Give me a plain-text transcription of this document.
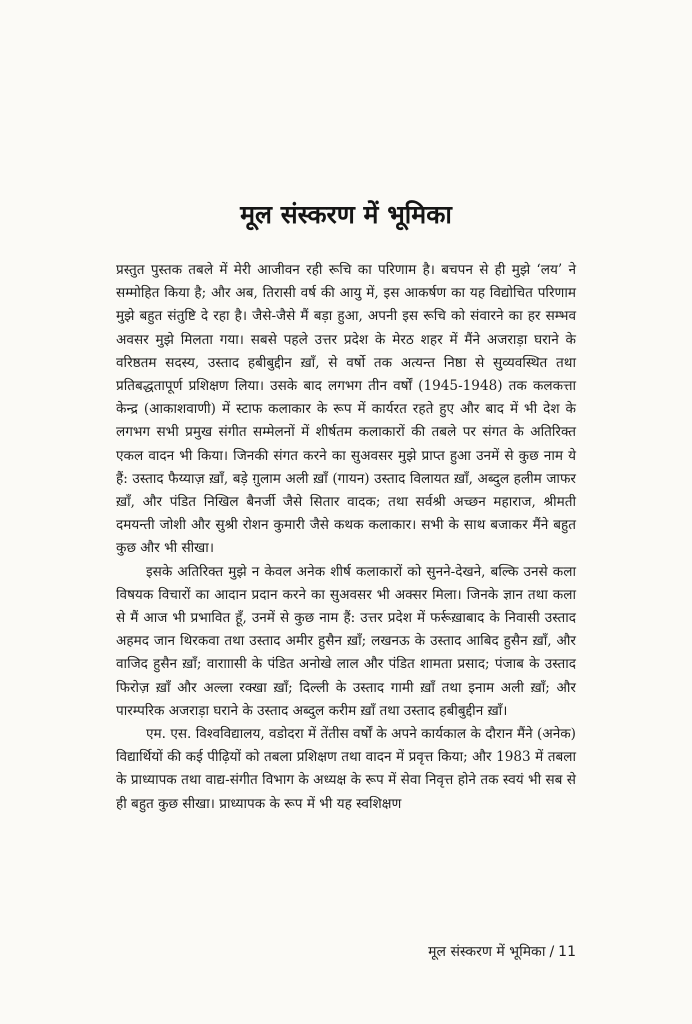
मूल संस्करण में भूमिका

प्रस्तुत पुस्तक तबले में मेरी आजीवन रही रूचि का परिणाम है। बचपन से ही मुझे ‘लय’ ने सम्मोहित किया है; और अब, तिरासी वर्ष की आयु में, इस आकर्षण का यह विद्योचित परिणाम मुझे बहुत संतुष्टि दे रहा है। जैसे-जैसे मैं बड़ा हुआ, अपनी इस रूचि को संवारने का हर सम्भव अवसर मुझे मिलता गया। सबसे पहले उत्तर प्रदेश के मेरठ शहर में मैंने अजराड़ा घराने के वरिष्ठतम सदस्य, उस्ताद हबीबुद्दीन ख़ाँ, से वर्षो तक अत्यन्त निष्ठा से सुव्यवस्थित तथा प्रतिबद्धतापूर्ण प्रशिक्षण लिया। उसके बाद लगभग तीन वर्षों (1945-1948) तक कलकत्ता केन्द्र (आकाशवाणी) में स्टाफ कलाकार के रूप में कार्यरत रहते हुए और बाद में भी देश के लगभग सभी प्रमुख संगीत सम्मेलनों में शीर्षतम कलाकारों की तबले पर संगत के अतिरिक्त एकल वादन भी किया। जिनकी संगत करने का सुअवसर मुझे प्राप्त हुआ उनमें से कुछ नाम ये हैं: उस्ताद फैय्याज़ ख़ाँ, बड़े ग़ुलाम अली ख़ाँ (गायन) उस्ताद विलायत ख़ाँ, अब्दुल हलीम जाफर ख़ाँ, और पंडित निखिल बैनर्जी जैसे सितार वादक; तथा सर्वश्री अच्छन महाराज, श्रीमती दमयन्ती जोशी और सुश्री रोशन कुमारी जैसे कथक कलाकार। सभी के साथ बजाकर मैंने बहुत कुछ और भी सीखा।

इसके अतिरिक्त मुझे न केवल अनेक शीर्ष कलाकारों को सुनने-देखने, बल्कि उनसे कला विषयक विचारों का आदान प्रदान करने का सुअवसर भी अक्सर मिला। जिनके ज्ञान तथा कला से मैं आज भी प्रभावित हूँ, उनमें से कुछ नाम हैं: उत्तर प्रदेश में फर्रूख़ाबाद के निवासी उस्ताद अहमद जान थिरकवा तथा उस्ताद अमीर हुसैन ख़ाँ; लखनऊ के उस्ताद आबिद हुसैन ख़ाँ, और वाजिद हुसैन ख़ाँ; वारााासी के पंडित अनोखे लाल और पंडित शामता प्रसाद; पंजाब के उस्ताद फिरोज़ ख़ाँ और अल्ला रक्खा ख़ाँ; दिल्ली के उस्ताद गामी ख़ाँ तथा इनाम अली ख़ाँ; और पारम्परिक अजराड़ा घराने के उस्ताद अब्दुल करीम ख़ाँ तथा उस्ताद हबीबुद्दीन ख़ाँ।

एम. एस. विश्वविद्यालय, वडोदरा में तेंतीस वर्षों के अपने कार्यकाल के दौरान मैंने (अनेक) विद्यार्थियों की कई पीढ़ियों को तबला प्रशिक्षण तथा वादन में प्रवृत्त किया; और 1983 में तबला के प्राध्यापक तथा वाद्य-संगीत विभाग के अध्यक्ष के रूप में सेवा निवृत्त होने तक स्वयं भी सब से ही बहुत कुछ सीखा। प्राध्यापक के रूप में भी यह स्वशिक्षण

मूल संस्करण में भूमिका / 11
